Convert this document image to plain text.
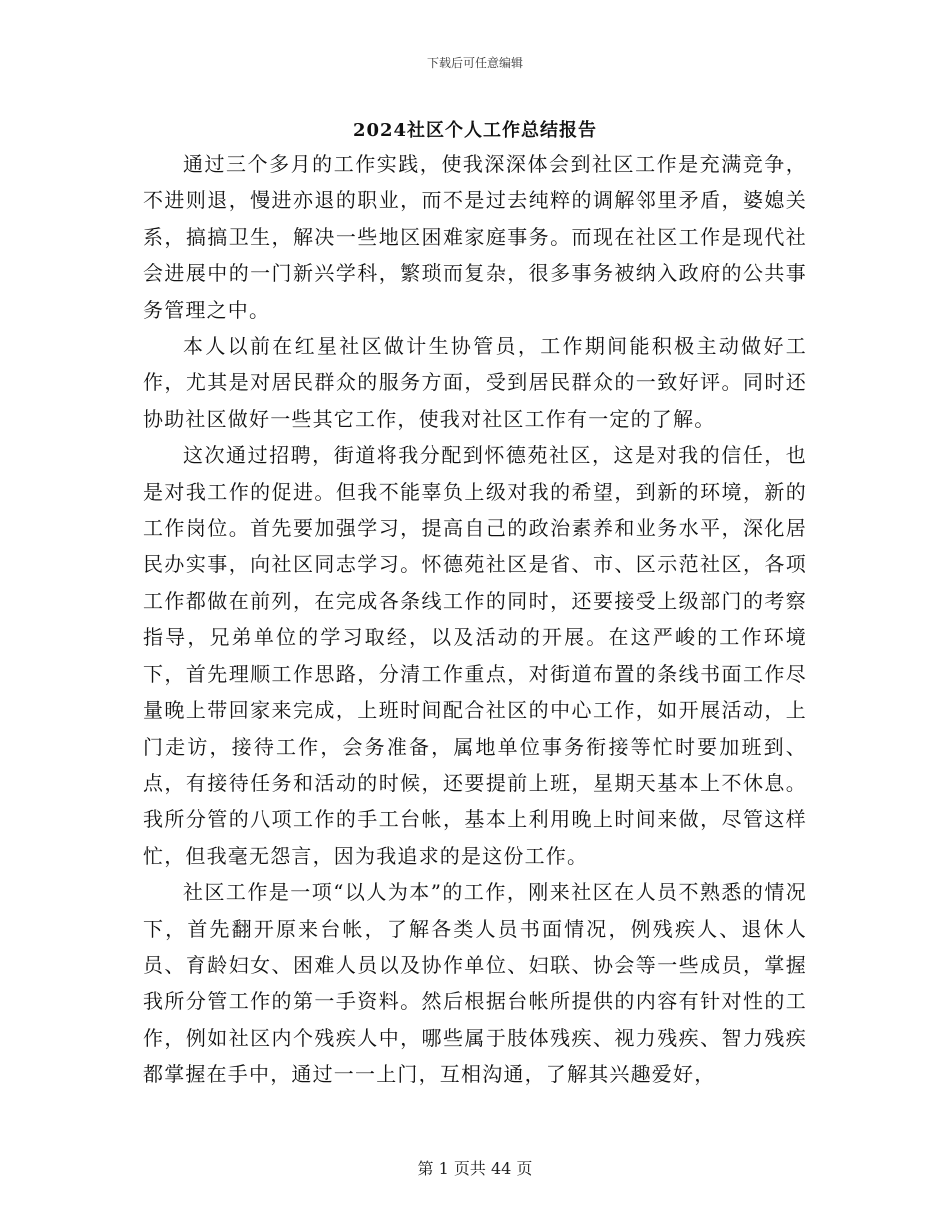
下载后可任意编辑
2024社区个人工作总结报告

通过三个多月的工作实践，使我深深体会到社区工作是充满竞争，不进则退，慢进亦退的职业，而不是过去纯粹的调解邻里矛盾，婆媳关系，搞搞卫生，解决一些地区困难家庭事务。而现在社区工作是现代社会进展中的一门新兴学科，繁琐而复杂，很多事务被纳入政府的公共事务管理之中。

本人以前在红星社区做计生协管员，工作期间能积极主动做好工作，尤其是对居民群众的服务方面，受到居民群众的一致好评。同时还协助社区做好一些其它工作，使我对社区工作有一定的了解。

这次通过招聘，街道将我分配到怀德苑社区，这是对我的信任，也是对我工作的促进。但我不能辜负上级对我的希望，到新的环境，新的工作岗位。首先要加强学习，提高自己的政治素养和业务水平，深化居民办实事，向社区同志学习。怀德苑社区是省、市、区示范社区，各项工作都做在前列，在完成各条线工作的同时，还要接受上级部门的考察指导，兄弟单位的学习取经，以及活动的开展。在这严峻的工作环境下，首先理顺工作思路，分清工作重点，对街道布置的条线书面工作尽量晚上带回家来完成，上班时间配合社区的中心工作，如开展活动，上门走访，接待工作，会务准备，属地单位事务衔接等忙时要加班到、点，有接待任务和活动的时候，还要提前上班，星期天基本上不休息。我所分管的八项工作的手工台帐，基本上利用晚上时间来做，尽管这样忙，但我毫无怨言，因为我追求的是这份工作。

社区工作是一项“以人为本”的工作，刚来社区在人员不熟悉的情况下，首先翻开原来台帐，了解各类人员书面情况，例残疾人、退休人员、育龄妇女、困难人员以及协作单位、妇联、协会等一些成员，掌握我所分管工作的第一手资料。然后根据台帐所提供的内容有针对性的工作，例如社区内个残疾人中，哪些属于肢体残疾、视力残疾、智力残疾都掌握在手中，通过一一上门，互相沟通，了解其兴趣爱好，

第 1 页共 44 页
